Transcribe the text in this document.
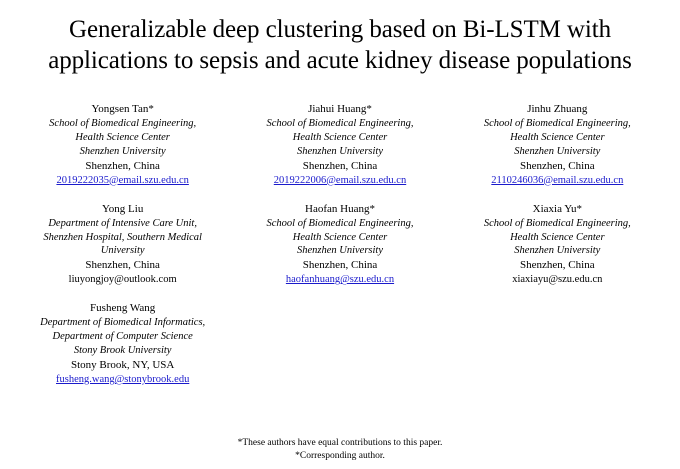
Generalizable deep clustering based on Bi-LSTM with applications to sepsis and acute kidney disease populations
Yongsen Tan*
School of Biomedical Engineering,
Health Science Center
Shenzhen University
Shenzhen, China
2019222035@email.szu.edu.cn
Jiahui Huang*
School of Biomedical Engineering,
Health Science Center
Shenzhen University
Shenzhen, China
2019222006@email.szu.edu.cn
Jinhu Zhuang
School of Biomedical Engineering,
Health Science Center
Shenzhen University
Shenzhen, China
2110246036@email.szu.edu.cn
Yong Liu
Department of Intensive Care Unit,
Shenzhen Hospital, Southern Medical
University
Shenzhen, China
liuyongjoy@outlook.com
Haofan Huang*
School of Biomedical Engineering,
Health Science Center
Shenzhen University
Shenzhen, China
haofanhuang@szu.edu.cn
Xiaxia Yu*
School of Biomedical Engineering,
Health Science Center
Shenzhen University
Shenzhen, China
xiaxiayu@szu.edu.cn
Fusheng Wang
Department of Biomedical Informatics,
Department of Computer Science
Stony Brook University
Stony Brook, NY, USA
fusheng.wang@stonybrook.edu
*These authors have equal contributions to this paper.
*Corresponding author.
